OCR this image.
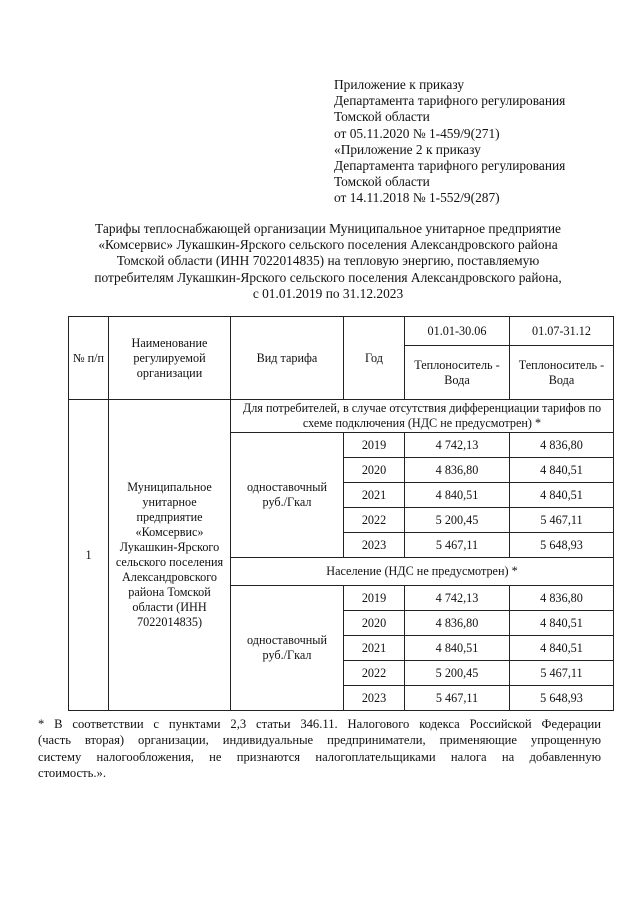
Приложение к приказу
Департамента тарифного регулирования
Томской области
от 05.11.2020 № 1-459/9(271)
«Приложение 2 к приказу
Департамента тарифного регулирования
Томской области
от 14.11.2018 № 1-552/9(287)
Тарифы теплоснабжающей организации Муниципальное унитарное предприятие
«Комсервис» Лукашкин-Ярского сельского поселения Александровского района
Томской области (ИНН 7022014835) на тепловую энергию, поставляемую
потребителям Лукашкин-Ярского сельского поселения Александровского района,
с 01.01.2019 по 31.12.2023
№ п/п	Наименование регулируемой организации	Вид тарифа	Год	01.01-30.06	01.07-31.12
				Теплоноситель - Вода	Теплоноситель - Вода
1	Муниципальное унитарное предприятие «Комсервис» Лукашкин-Ярского сельского поселения Александровского района Томской области (ИНН 7022014835)	Для потребителей, в случае отсутствия дифференциации тарифов по схеме подключения (НДС не предусмотрен) *			
		одноставочный руб./Гкал	2019	4 742,13	4 836,80
			2020	4 836,80	4 840,51
			2021	4 840,51	4 840,51
			2022	5 200,45	5 467,11
			2023	5 467,11	5 648,93
		Население (НДС не предусмотрен) *			
		одноставочный руб./Гкал	2019	4 742,13	4 836,80
			2020	4 836,80	4 840,51
			2021	4 840,51	4 840,51
			2022	5 200,45	5 467,11
			2023	5 467,11	5 648,93
* В соответствии с пунктами 2,3 статьи 346.11. Налогового кодекса Российской Федерации
(часть вторая) организации, индивидуальные предприниматели, применяющие упрощенную
систему налогообложения, не признаются налогоплательщиками налога на добавленную
стоимость.».
